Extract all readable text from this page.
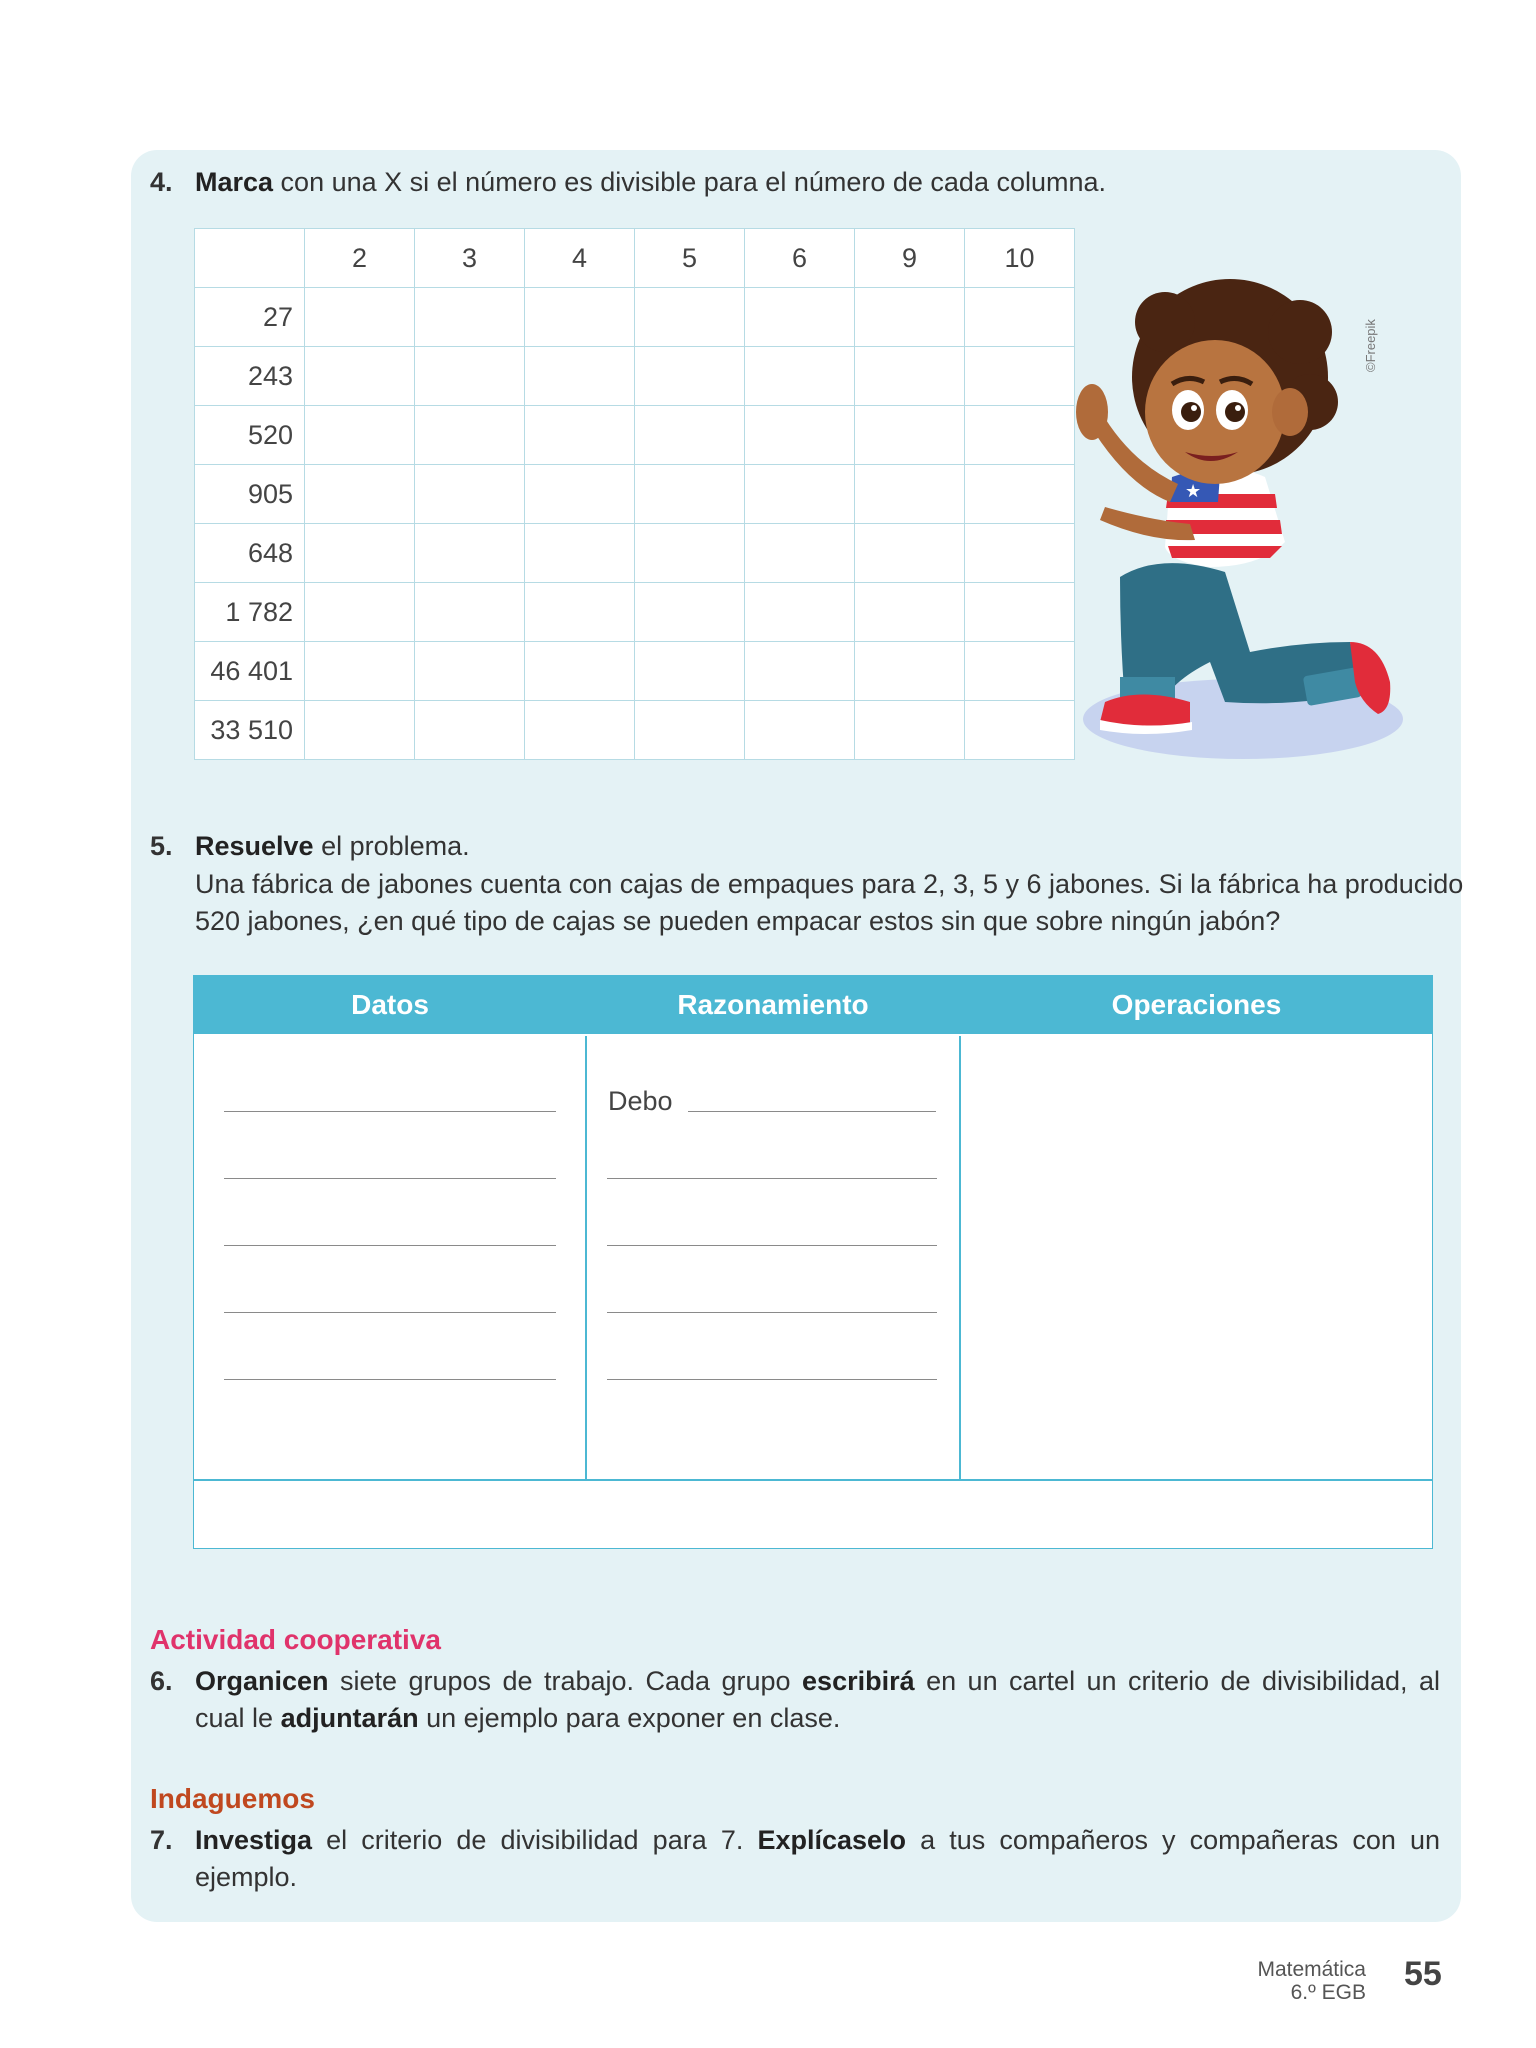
4. Marca con una X si el número es divisible para el número de cada columna.
	2	3	4	5	6	9	10
27							
243							
520							
905							
648							
1 782							
46 401							
33 510							
★
©Freepik
5. Resuelve el problema.
Una fábrica de jabones cuenta con cajas de empaques para 2, 3, 5 y 6 jabones. Si la fábrica ha producido
520 jabones, ¿en qué tipo de cajas se pueden empacar estos sin que sobre ningún jabón?
Datos	Razonamiento	Operaciones
Debo
Actividad cooperativa
6. Organicen siete grupos de trabajo. Cada grupo escribirá en un cartel un criterio de divisibilidad, al
cual le adjuntarán un ejemplo para exponer en clase.
Indaguemos
7. Investiga el criterio de divisibilidad para 7. Explícaselo a tus compañeros y compañeras con un
ejemplo.
Matemática
6.º EGB 55
